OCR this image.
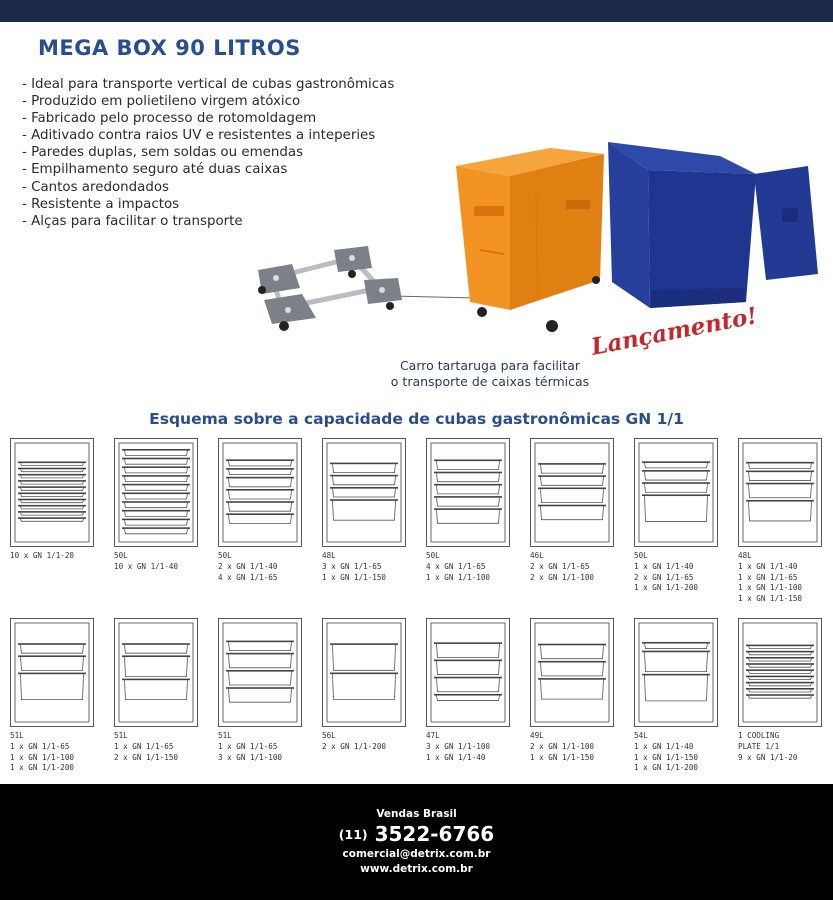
MEGA BOX 90 LITROS
- Ideal para transporte vertical de cubas gastronômicas
- Produzido em polietileno virgem atóxico
- Fabricado pelo processo de rotomoldagem
- Aditivado contra raios UV e resistentes a inteperies
- Paredes duplas, sem soldas ou emendas
- Empilhamento seguro até duas caixas
- Cantos aredondados
- Resistente a impactos
- Alças para facilitar o transporte
Carro tartaruga para facilitar
o transporte de caixas térmicas
Lançamento!
Esquema sobre a capacidade de cubas gastronômicas GN 1/1
10 x GN 1/1-20	50L
10 x GN 1/1-40
50L
2 x GN 1/1-40
4 x GN 1/1-65
48L
3 x GN 1/1-65
1 x GN 1/1-150
50L
4 x GN 1/1-65
1 x GN 1/1-100
46L
2 x GN 1/1-65
2 x GN 1/1-100
50L
1 x GN 1/1-40
2 x GN 1/1-65
1 x GN 1/1-200
48L
1 x GN 1/1-40
1 x GN 1/1-65
1 x GN 1/1-100
1 x GN 1/1-150
51L
1 x GN 1/1-65
1 x GN 1/1-100
1 x GN 1/1-200
51L
1 x GN 1/1-65
2 x GN 1/1-150
51L
1 x GN 1/1-65
3 x GN 1/1-100
56L
2 x GN 1/1-200
47L
3 x GN 1/1-100
1 x GN 1/1-40
49L
2 x GN 1/1-100
1 x GN 1/1-150
54L
1 x GN 1/1-40
1 x GN 1/1-150
1 x GN 1/1-200
1 COOLING
PLATE 1/1
9 x GN 1/1-20
Vendas Brasil
(11) 3522-6766
comercial@detrix.com.br
www.detrix.com.br
